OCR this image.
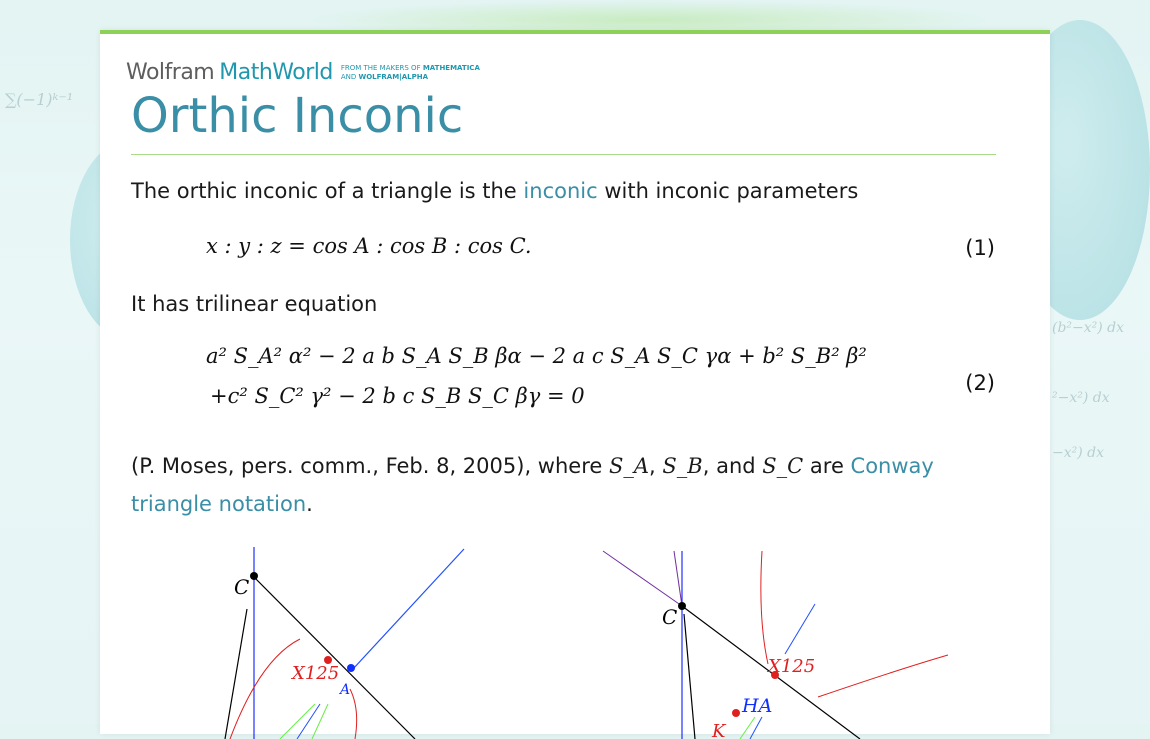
∑(−1)ᵏ⁻¹
(b²−x²) dx
²−x²) dx
−x²) dx
Wolfram MathWorld FROM THE MAKERS OF MATHEMATICA
AND WOLFRAM|ALPHA
Orthic Inconic
The orthic inconic of a triangle is the inconic with inconic parameters
x : y : z = cos A : cos B : cos C.	(1)
It has trilinear equation
a² S_A² α² − 2 a b S_A S_B βα − 2 a c S_A S_C γα + b² S_B² β²
+c² S_C² γ² − 2 b c S_B S_C βγ = 0
(2)
(P. Moses, pers. comm., Feb. 8, 2005), where S_A, S_B, and S_C are Conway triangle notation.
C
X125
A
C
X125
HA
K
